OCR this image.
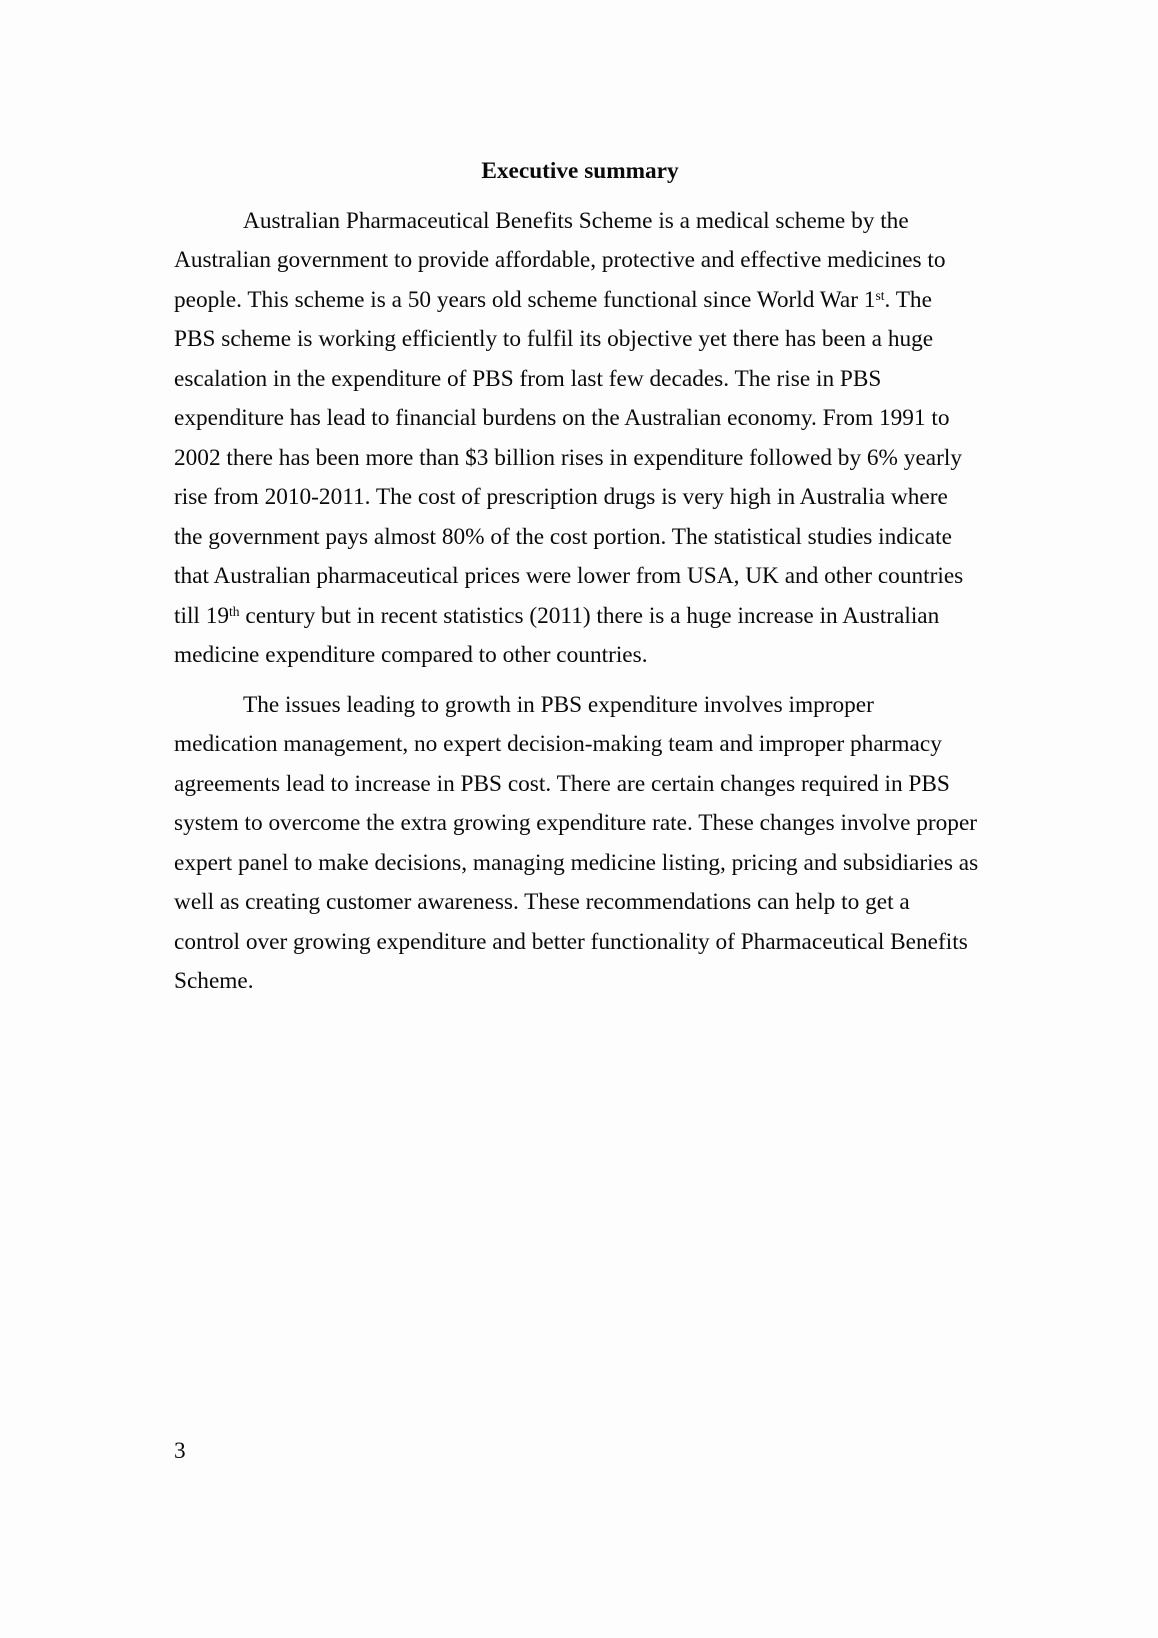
Executive summary
Australian Pharmaceutical Benefits Scheme is a medical scheme by the
Australian government to provide affordable, protective and effective medicines to
people. This scheme is a 50 years old scheme functional since World War 1st. The
PBS scheme is working efficiently to fulfil its objective yet there has been a huge
escalation in the expenditure of PBS from last few decades. The rise in PBS
expenditure has lead to financial burdens on the Australian economy. From 1991 to
2002 there has been more than $3 billion rises in expenditure followed by 6% yearly
rise from 2010-2011. The cost of prescription drugs is very high in Australia where
the government pays almost 80% of the cost portion. The statistical studies indicate
that Australian pharmaceutical prices were lower from USA, UK and other countries
till 19th century but in recent statistics (2011) there is a huge increase in Australian
medicine expenditure compared to other countries.
The issues leading to growth in PBS expenditure involves improper
medication management, no expert decision-making team and improper pharmacy
agreements lead to increase in PBS cost. There are certain changes required in PBS
system to overcome the extra growing expenditure rate. These changes involve proper
expert panel to make decisions, managing medicine listing, pricing and subsidiaries as
well as creating customer awareness. These recommendations can help to get a
control over growing expenditure and better functionality of Pharmaceutical Benefits
Scheme.
3
